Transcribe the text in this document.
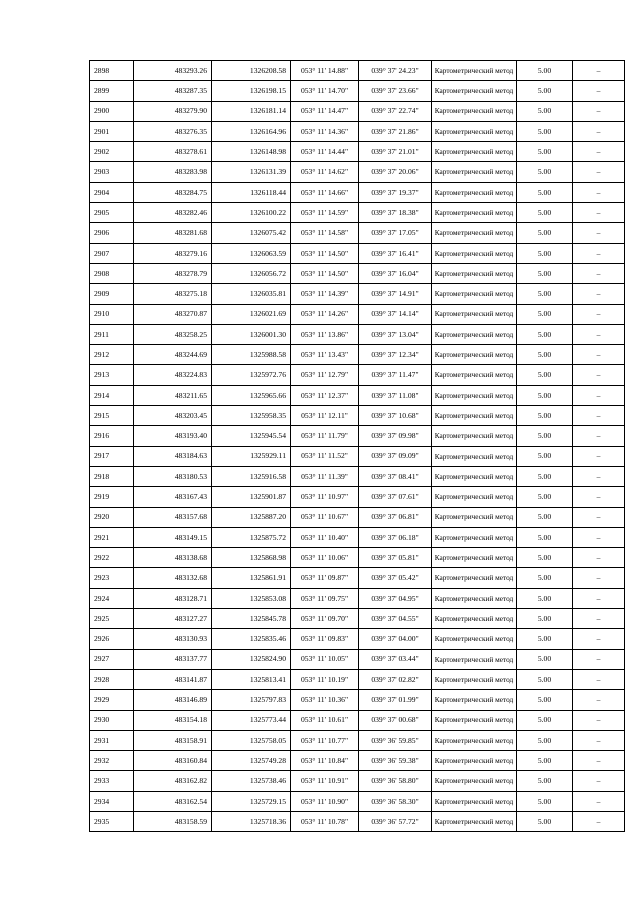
2898	483293.26	1326208.58	053° 11' 14.88"	039° 37' 24.23"	Картометрический метод	5.00	–
2899	483287.35	1326198.15	053° 11' 14.70"	039° 37' 23.66"	Картометрический метод	5.00	–
2900	483279.90	1326181.14	053° 11' 14.47"	039° 37' 22.74"	Картометрический метод	5.00	–
2901	483276.35	1326164.96	053° 11' 14.36"	039° 37' 21.86"	Картометрический метод	5.00	–
2902	483278.61	1326148.98	053° 11' 14.44"	039° 37' 21.01"	Картометрический метод	5.00	–
2903	483283.98	1326131.39	053° 11' 14.62"	039° 37' 20.06"	Картометрический метод	5.00	–
2904	483284.75	1326118.44	053° 11' 14.66"	039° 37' 19.37"	Картометрический метод	5.00	–
2905	483282.46	1326100.22	053° 11' 14.59"	039° 37' 18.38"	Картометрический метод	5.00	–
2906	483281.68	1326075.42	053° 11' 14.58"	039° 37' 17.05"	Картометрический метод	5.00	–
2907	483279.16	1326063.59	053° 11' 14.50"	039° 37' 16.41"	Картометрический метод	5.00	–
2908	483278.79	1326056.72	053° 11' 14.50"	039° 37' 16.04"	Картометрический метод	5.00	–
2909	483275.18	1326035.81	053° 11' 14.39"	039° 37' 14.91"	Картометрический метод	5.00	–
2910	483270.87	1326021.69	053° 11' 14.26"	039° 37' 14.14"	Картометрический метод	5.00	–
2911	483258.25	1326001.30	053° 11' 13.86"	039° 37' 13.04"	Картометрический метод	5.00	–
2912	483244.69	1325988.58	053° 11' 13.43"	039° 37' 12.34"	Картометрический метод	5.00	–
2913	483224.83	1325972.76	053° 11' 12.79"	039° 37' 11.47"	Картометрический метод	5.00	–
2914	483211.65	1325965.66	053° 11' 12.37"	039° 37' 11.08"	Картометрический метод	5.00	–
2915	483203.45	1325958.35	053° 11' 12.11"	039° 37' 10.68"	Картометрический метод	5.00	–
2916	483193.40	1325945.54	053° 11' 11.79"	039° 37' 09.98"	Картометрический метод	5.00	–
2917	483184.63	1325929.11	053° 11' 11.52"	039° 37' 09.09"	Картометрический метод	5.00	–
2918	483180.53	1325916.58	053° 11' 11.39"	039° 37' 08.41"	Картометрический метод	5.00	–
2919	483167.43	1325901.87	053° 11' 10.97"	039° 37' 07.61"	Картометрический метод	5.00	–
2920	483157.68	1325887.20	053° 11' 10.67"	039° 37' 06.81"	Картометрический метод	5.00	–
2921	483149.15	1325875.72	053° 11' 10.40"	039° 37' 06.18"	Картометрический метод	5.00	–
2922	483138.68	1325868.98	053° 11' 10.06"	039° 37' 05.81"	Картометрический метод	5.00	–
2923	483132.68	1325861.91	053° 11' 09.87"	039° 37' 05.42"	Картометрический метод	5.00	–
2924	483128.71	1325853.08	053° 11' 09.75"	039° 37' 04.95"	Картометрический метод	5.00	–
2925	483127.27	1325845.78	053° 11' 09.70"	039° 37' 04.55"	Картометрический метод	5.00	–
2926	483130.93	1325835.46	053° 11' 09.83"	039° 37' 04.00"	Картометрический метод	5.00	–
2927	483137.77	1325824.90	053° 11' 10.05"	039° 37' 03.44"	Картометрический метод	5.00	–
2928	483141.87	1325813.41	053° 11' 10.19"	039° 37' 02.82"	Картометрический метод	5.00	–
2929	483146.89	1325797.83	053° 11' 10.36"	039° 37' 01.99"	Картометрический метод	5.00	–
2930	483154.18	1325773.44	053° 11' 10.61"	039° 37' 00.68"	Картометрический метод	5.00	–
2931	483158.91	1325758.05	053° 11' 10.77"	039° 36' 59.85"	Картометрический метод	5.00	–
2932	483160.84	1325749.28	053° 11' 10.84"	039° 36' 59.38"	Картометрический метод	5.00	–
2933	483162.82	1325738.46	053° 11' 10.91"	039° 36' 58.80"	Картометрический метод	5.00	–
2934	483162.54	1325729.15	053° 11' 10.90"	039° 36' 58.30"	Картометрический метод	5.00	–
2935	483158.59	1325718.36	053° 11' 10.78"	039° 36' 57.72"	Картометрический метод	5.00	–
